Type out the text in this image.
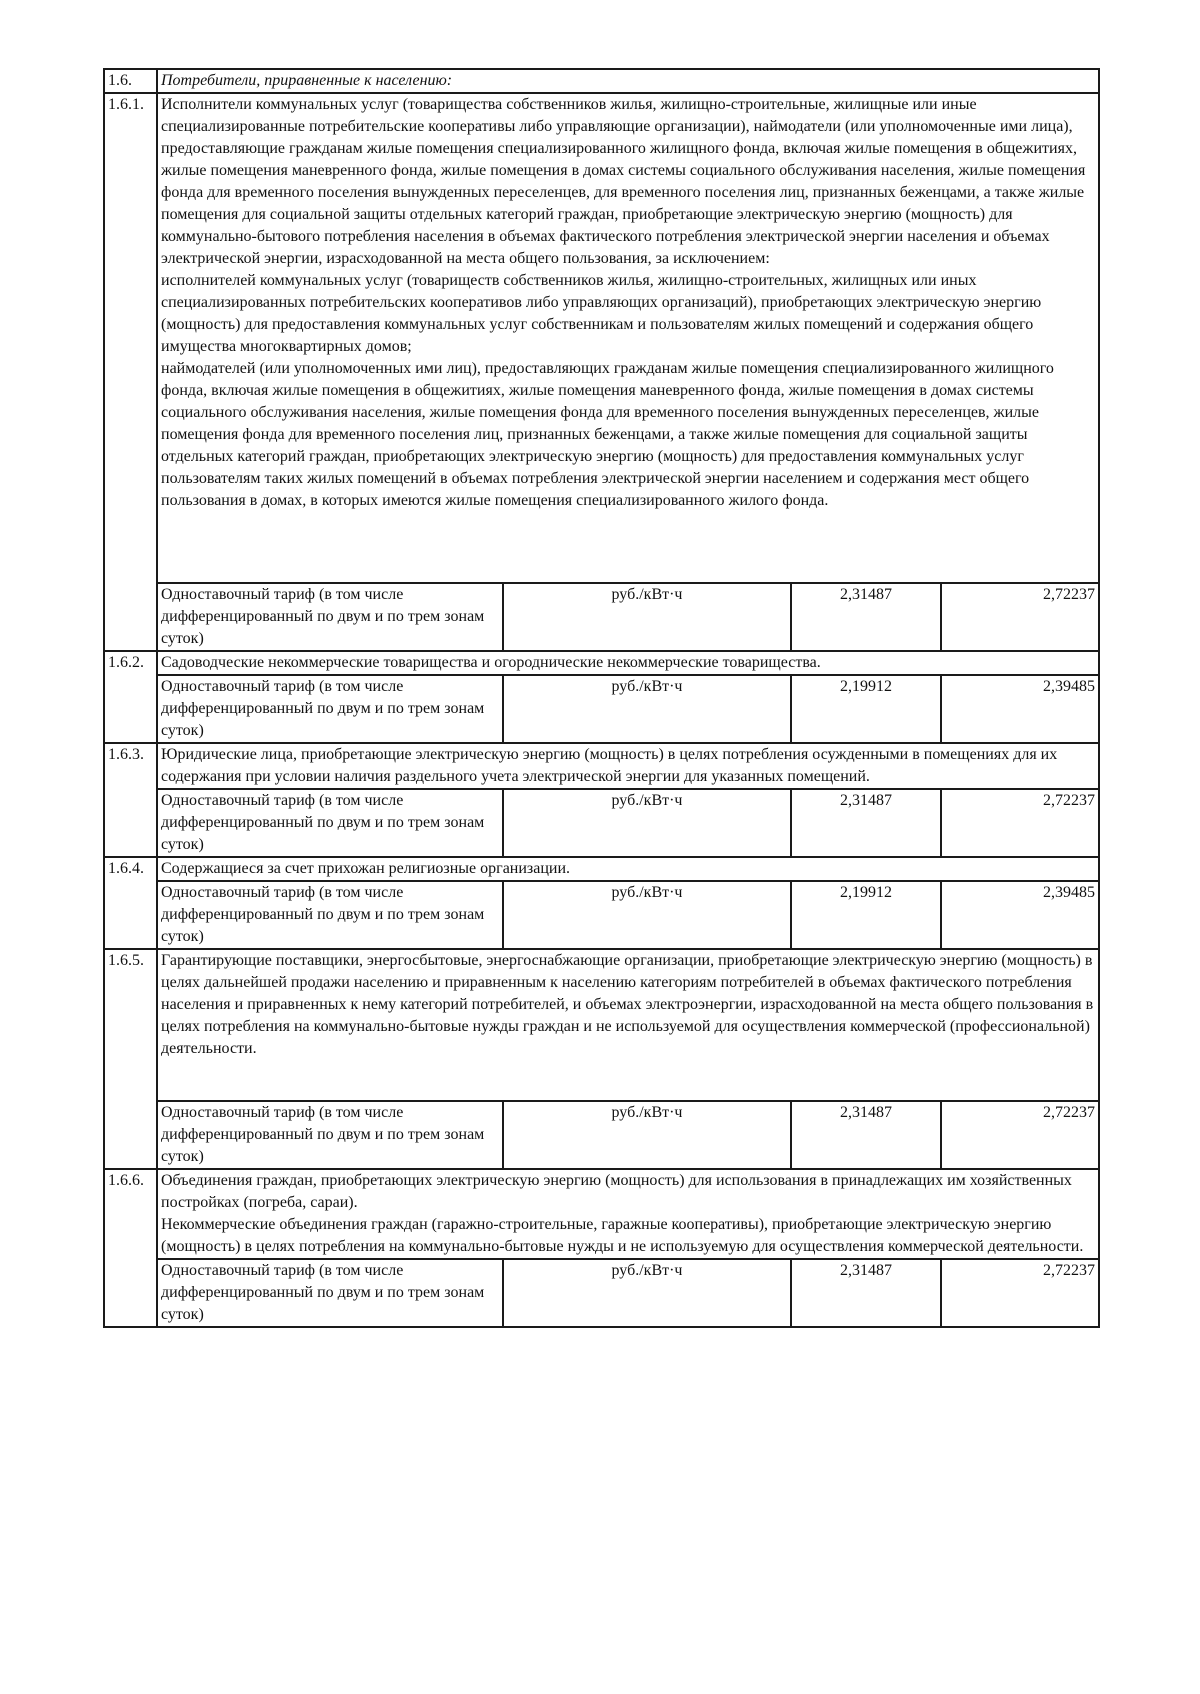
1.6.	Потребители, приравненные к населению:			
1.6.1.	Исполнители коммунальных услуг (товарищества собственников жилья, жилищно-строительные, жилищные или иные специализированные потребительские кооперативы либо управляющие организации), наймодатели (или уполномоченные ими лица), предоставляющие гражданам жилые помещения специализированного жилищного фонда, включая жилые помещения в общежитиях, жилые помещения маневренного фонда, жилые помещения в домах системы социального обслуживания населения, жилые помещения фонда для временного поселения вынужденных переселенцев, для временного поселения лиц, признанных беженцами, а также жилые помещения для социальной защиты отдельных категорий граждан, приобретающие электрическую энергию (мощность) для коммунально-бытового потребления населения в объемах фактического потребления электрической энергии населения и объемах электрической энергии, израсходованной на места общего пользования, за исключением:
исполнителей коммунальных услуг (товариществ собственников жилья, жилищно-строительных, жилищных или иных специализированных потребительских кооперативов либо управляющих организаций), приобретающих электрическую энергию (мощность) для предоставления коммунальных услуг собственникам и пользователям жилых помещений и содержания общего имущества многоквартирных домов;
наймодателей (или уполномоченных ими лиц), предоставляющих гражданам жилые помещения специализированного жилищного фонда, включая жилые помещения в общежитиях, жилые помещения маневренного фонда, жилые помещения в домах системы социального обслуживания населения, жилые помещения фонда для временного поселения вынужденных переселенцев, жилые помещения фонда для временного поселения лиц, признанных беженцами, а также жилые помещения для социальной защиты отдельных категорий граждан, приобретающих электрическую энергию (мощность) для предоставления коммунальных услуг пользователям таких жилых помещений в объемах потребления электрической энергии населением и содержания мест общего пользования в домах, в которых имеются жилые помещения специализированного жилого фонда.			

	Одноставочный тариф (в том числе дифференцированный по двум и по трем зонам суток)	руб./кВт·ч	2,31487	2,72237
1.6.2.	Садоводческие некоммерческие товарищества и огороднические некоммерческие товарищества.			

	Одноставочный тариф (в том числе дифференцированный по двум и по трем зонам суток)	руб./кВт·ч	2,19912	2,39485
1.6.3.	Юридические лица, приобретающие электрическую энергию (мощность) в целях потребления осужденными в помещениях для их содержания при условии наличия раздельного учета электрической энергии для указанных помещений.			

	Одноставочный тариф (в том числе дифференцированный по двум и по трем зонам суток)	руб./кВт·ч	2,31487	2,72237
1.6.4.	Содержащиеся за счет прихожан религиозные организации.			

	Одноставочный тариф (в том числе дифференцированный по двум и по трем зонам суток)	руб./кВт·ч	2,19912	2,39485
1.6.5.	Гарантирующие поставщики, энергосбытовые, энергоснабжающие организации, приобретающие электрическую энергию (мощность) в целях дальнейшей продажи населению и приравненным к населению категориям потребителей в объемах фактического потребления населения и приравненных к нему категорий потребителей, и объемах электроэнергии, израсходованной на места общего пользования в целях потребления на коммунально-бытовые нужды граждан и не используемой для осуществления коммерческой (профессиональной) деятельности.			

	Одноставочный тариф (в том числе дифференцированный по двум и по трем зонам суток)	руб./кВт·ч	2,31487	2,72237
1.6.6.	Объединения граждан, приобретающих электрическую энергию (мощность) для использования в принадлежащих им хозяйственных постройках (погреба, сараи).
Некоммерческие объединения граждан (гаражно-строительные, гаражные кооперативы), приобретающие электрическую энергию (мощность) в целях потребления на коммунально-бытовые нужды и не используемую для осуществления коммерческой деятельности.			

	Одноставочный тариф (в том числе дифференцированный по двум и по трем зонам суток)	руб./кВт·ч	2,31487	2,72237
